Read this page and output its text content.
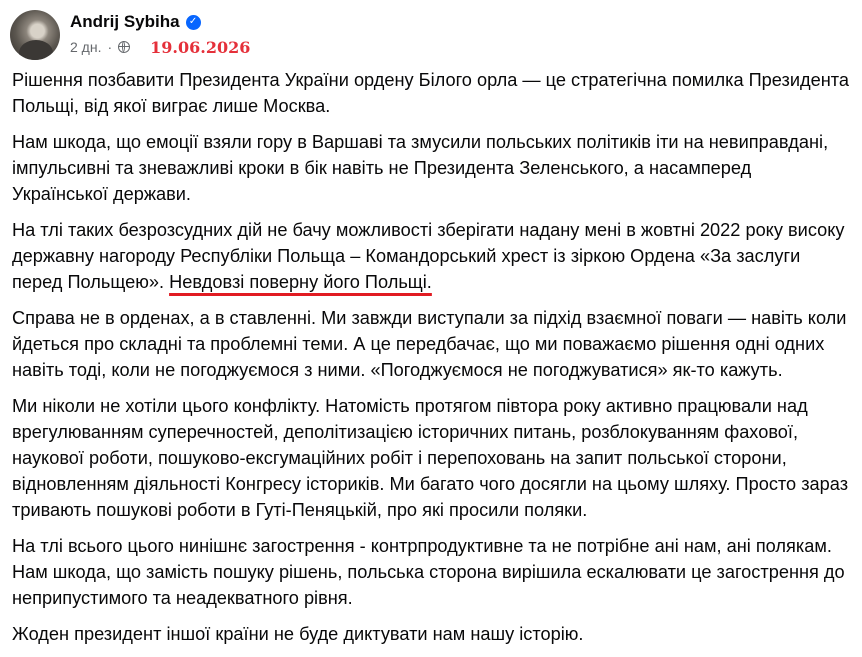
Andrij Sybiha ✓
2 дн. · 19.06.2026

Рішення позбавити Президента України ордену Білого орла — це стратегічна помилка Президента Польщі, від якої виграє лише Москва.

Нам шкода, що емоції взяли гору в Варшаві та змусили польських політиків іти на невиправдані, імпульсивні та зневажливі кроки в бік навіть не Президента Зеленського, а насамперед Української держави.

На тлі таких безрозсудних дій не бачу можливості зберігати надану мені в жовтні 2022 року високу державну нагороду Республіки Польща – Командорський хрест із зіркою Ордена «За заслуги перед Польщею». Невдовзі поверну його Польщі.

Справа не в орденах, а в ставленні. Ми завжди виступали за підхід взаємної поваги — навіть коли йдеться про складні та проблемні теми. А це передбачає, що ми поважаємо рішення одні одних навіть тоді, коли не погоджуємося з ними. «Погоджуємося не погоджуватися» як-то кажуть.

Ми ніколи не хотіли цього конфлікту. Натомість протягом півтора року активно працювали над врегулюванням суперечностей, деполітизацією історичних питань, розблокуванням фахової, наукової роботи, пошуково-ексгумаційних робіт і перепоховань на запит польської сторони, відновленням діяльності Конгресу істориків. Ми багато чого досягли на цьому шляху. Просто зараз тривають пошукові роботи в Гуті-Пеняцькій, про які просили поляки.

На тлі всього цього нинішнє загострення - контрпродуктивне та не потрібне ані нам, ані полякам. Нам шкода, що замість пошуку рішень, польська сторона вирішила ескалювати це загострення до неприпустимого та неадекватного рівня.

Жоден президент іншої країни не буде диктувати нам нашу історію.
